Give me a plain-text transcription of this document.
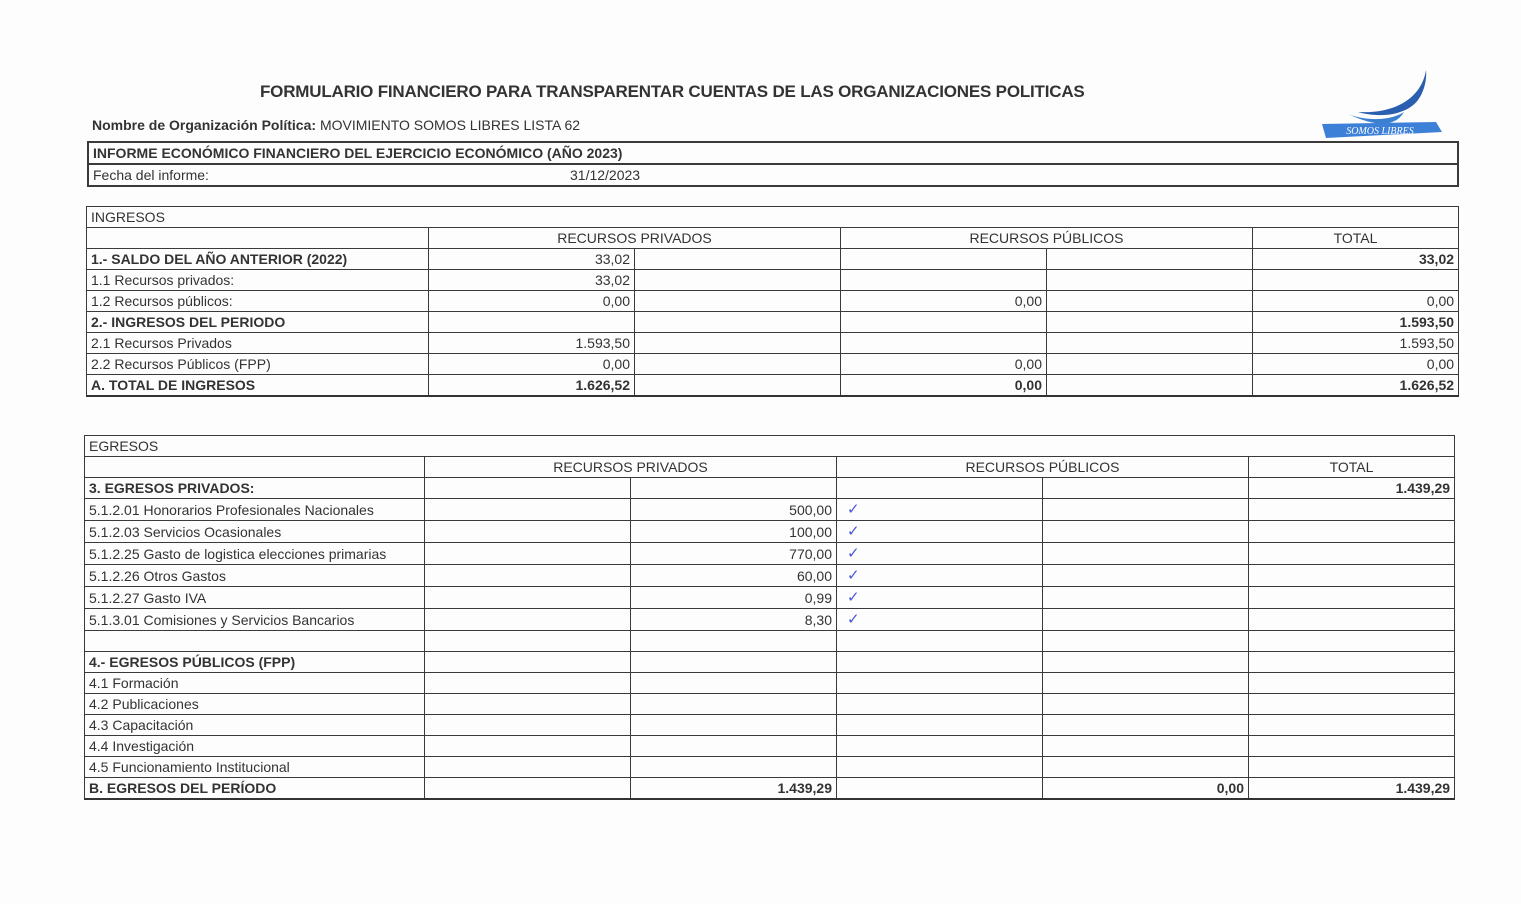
FORMULARIO FINANCIERO PARA TRANSPARENTAR CUENTAS DE LAS ORGANIZACIONES POLITICAS
Nombre de Organización Política: MOVIMIENTO SOMOS LIBRES LISTA 62	SOMOS LIBRES
INFORME ECONÓMICO FINANCIERO DEL EJERCICIO ECONÓMICO (AÑO 2023)
Fecha del informe:	31/12/2023
INGRESOS					
	RECURSOS PRIVADOS		RECURSOS PÚBLICOS		TOTAL
1.- SALDO DEL AÑO ANTERIOR (2022)	33,02				33,02
1.1 Recursos privados:	33,02				
1.2 Recursos públicos:	0,00		0,00		0,00
2.- INGRESOS DEL PERIODO					1.593,50
2.1 Recursos Privados	1.593,50				1.593,50
2.2 Recursos Públicos (FPP)	0,00		0,00		0,00
A. TOTAL DE INGRESOS	1.626,52		0,00		1.626,52
EGRESOS					
	RECURSOS PRIVADOS		RECURSOS PÚBLICOS		TOTAL
3. EGRESOS PRIVADOS:					1.439,29
5.1.2.01 Honorarios Profesionales Nacionales		500,00	✓		
5.1.2.03 Servicios Ocasionales		100,00	✓		
5.1.2.25 Gasto de logistica elecciones primarias		770,00	✓		
5.1.2.26 Otros Gastos		60,00	✓		
5.1.2.27 Gasto IVA		0,99	✓		
5.1.3.01 Comisiones y Servicios Bancarios		8,30	✓		

4.- EGRESOS PÚBLICOS (FPP)					
4.1 Formación					
4.2 Publicaciones					
4.3 Capacitación					
4.4 Investigación					
4.5 Funcionamiento Institucional					
B. EGRESOS DEL PERÍODO		1.439,29		0,00	1.439,29
